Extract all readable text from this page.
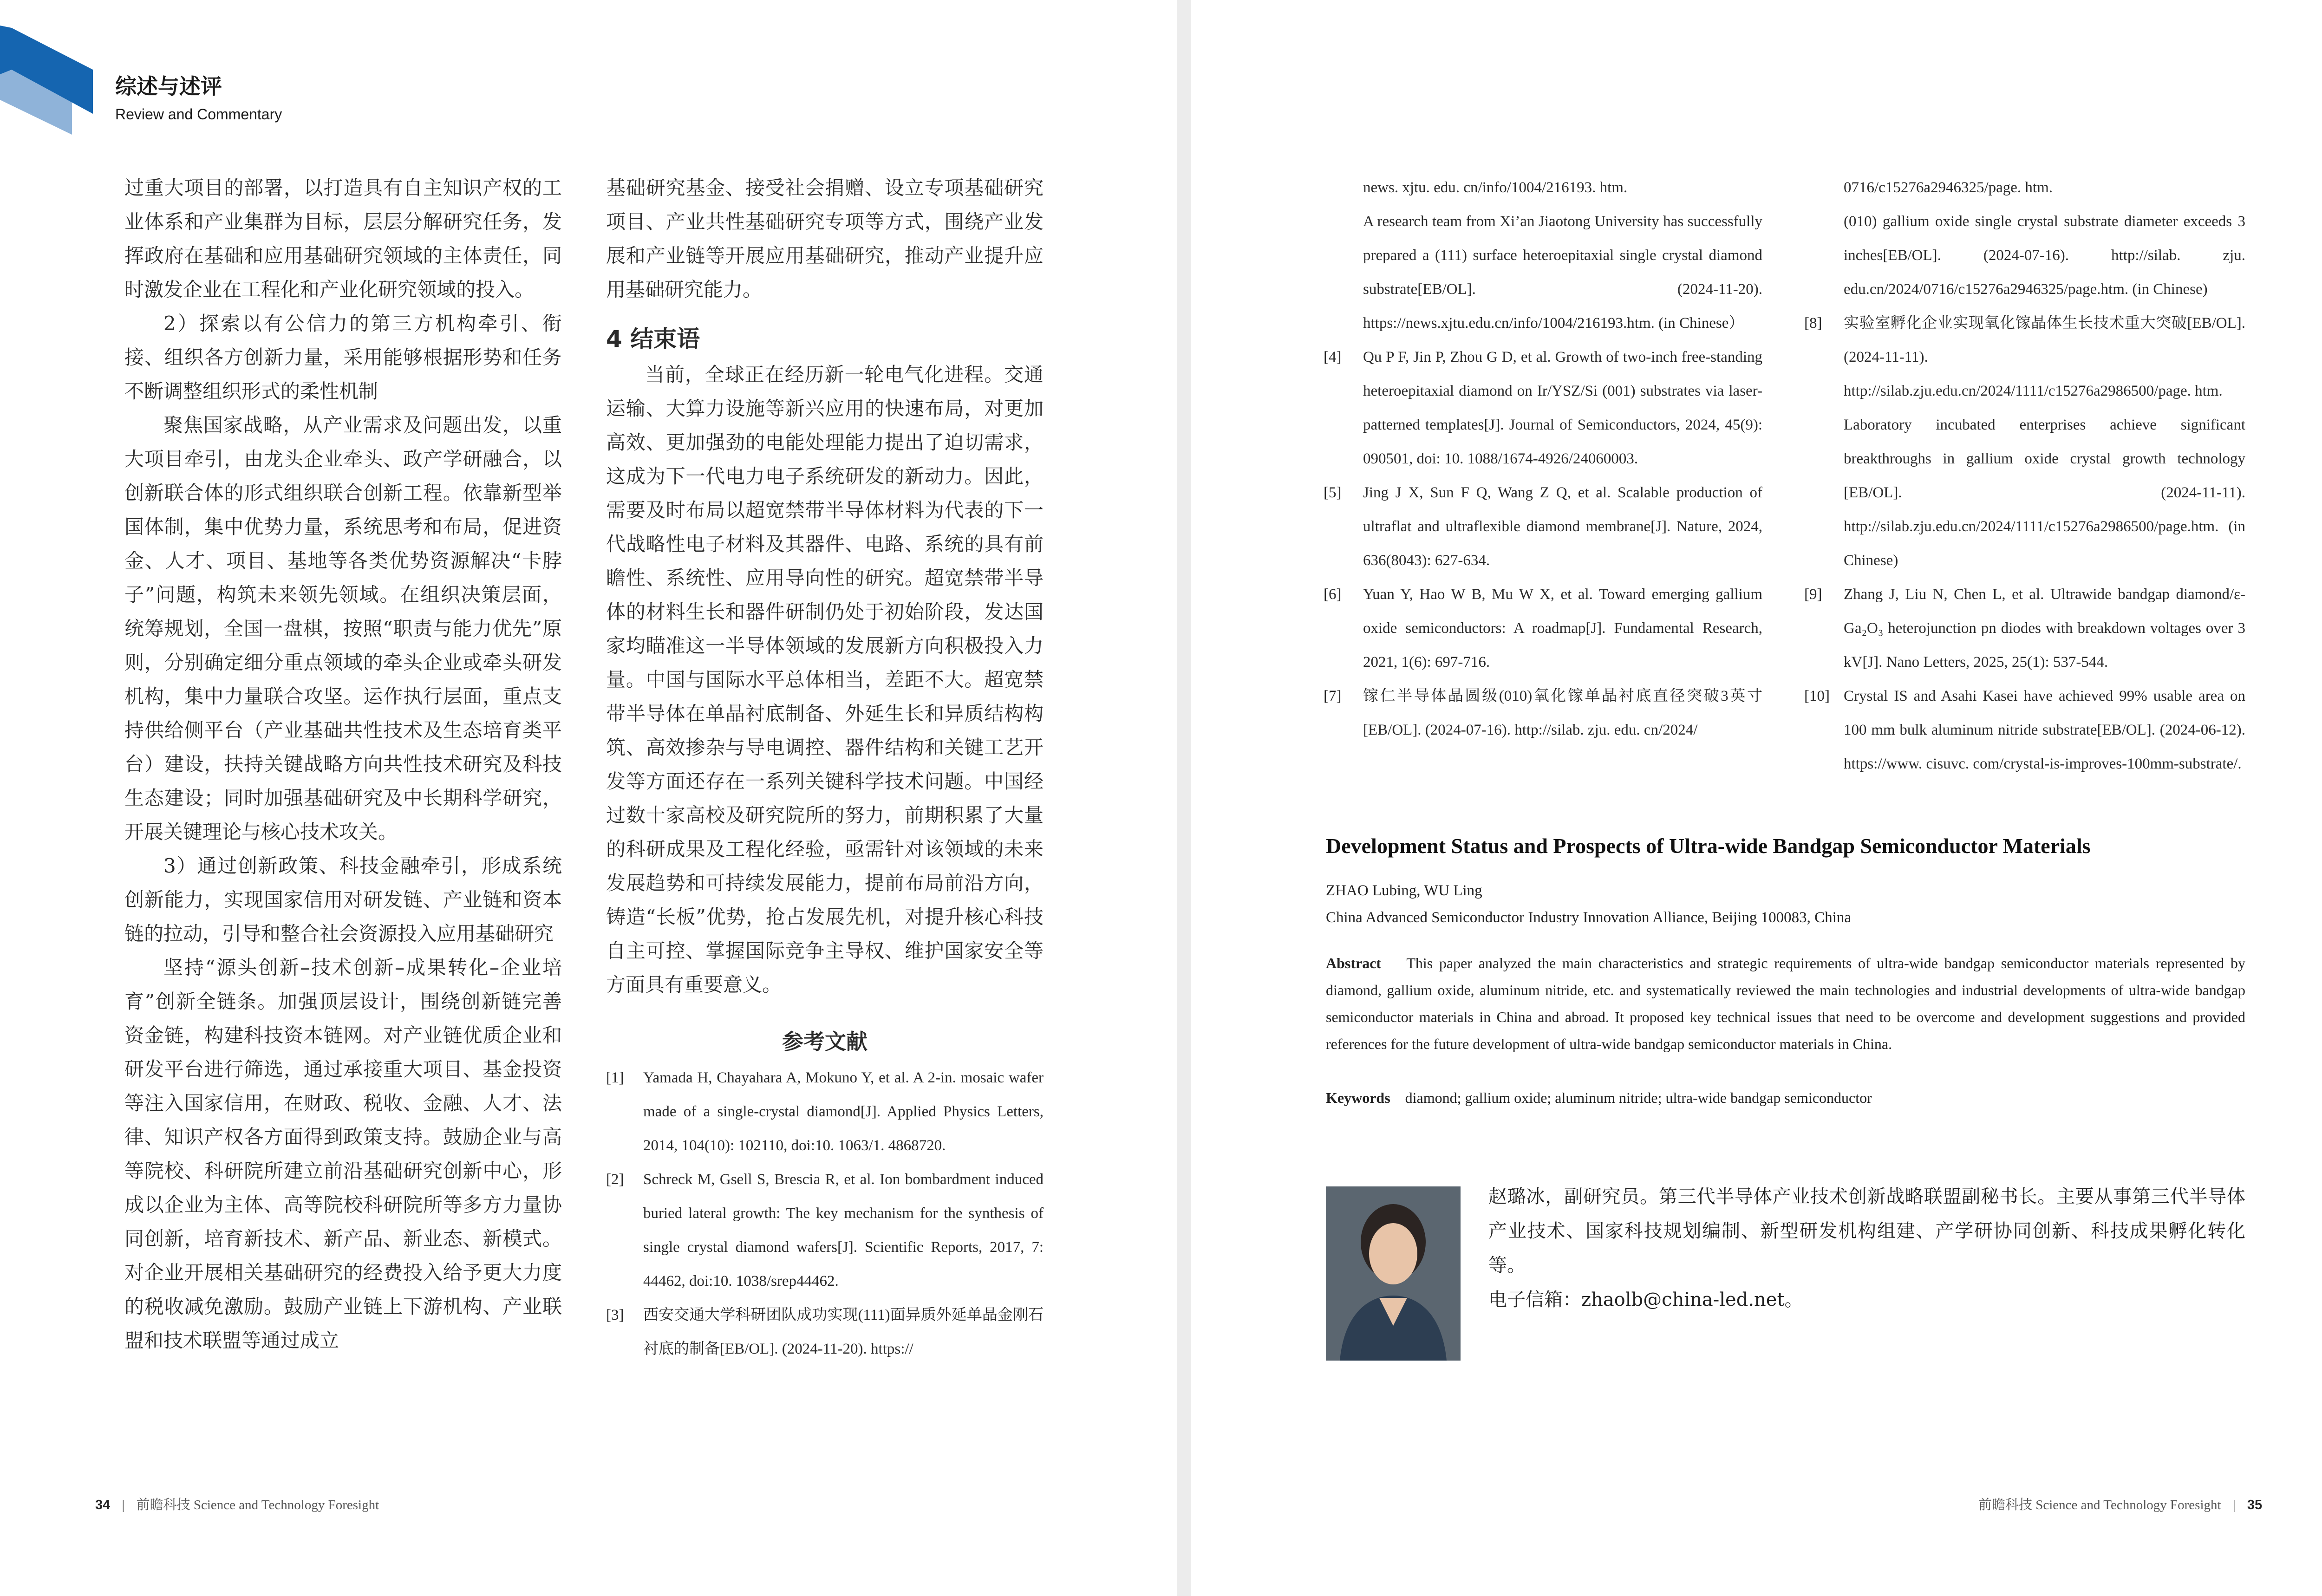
综述与述评
Review and Commentary

过重大项目的部署，以打造具有自主知识产权的工业体系和产业集群为目标，层层分解研究任务，发挥政府在基础和应用基础研究领域的主体责任，同时激发企业在工程化和产业化研究领域的投入。

2）探索以有公信力的第三方机构牵引、衔接、组织各方创新力量，采用能够根据形势和任务不断调整组织形式的柔性机制

聚焦国家战略，从产业需求及问题出发，以重大项目牵引，由龙头企业牵头、政产学研融合，以创新联合体的形式组织联合创新工程。依靠新型举国体制，集中优势力量，系统思考和布局，促进资金、人才、项目、基地等各类优势资源解决“卡脖子”问题，构筑未来领先领域。在组织决策层面，统筹规划，全国一盘棋，按照“职责与能力优先”原则，分别确定细分重点领域的牵头企业或牵头研发机构，集中力量联合攻坚。运作执行层面，重点支持供给侧平台（产业基础共性技术及生态培育类平台）建设，扶持关键战略方向共性技术研究及科技生态建设；同时加强基础研究及中长期科学研究，开展关键理论与核心技术攻关。

3）通过创新政策、科技金融牵引，形成系统创新能力，实现国家信用对研发链、产业链和资本链的拉动，引导和整合社会资源投入应用基础研究

坚持“源头创新–技术创新–成果转化–企业培育”创新全链条。加强顶层设计，围绕创新链完善资金链，构建科技资本链网。对产业链优质企业和研发平台进行筛选，通过承接重大项目、基金投资等注入国家信用，在财政、税收、金融、人才、法律、知识产权各方面得到政策支持。鼓励企业与高等院校、科研院所建立前沿基础研究创新中心，形成以企业为主体、高等院校科研院所等多方力量协同创新，培育新技术、新产品、新业态、新模式。对企业开展相关基础研究的经费投入给予更大力度的税收减免激励。鼓励产业链上下游机构、产业联盟和技术联盟等通过成立

基础研究基金、接受社会捐赠、设立专项基础研究项目、产业共性基础研究专项等方式，围绕产业发展和产业链等开展应用基础研究，推动产业提升应用基础研究能力。

4 结束语

当前，全球正在经历新一轮电气化进程。交通运输、大算力设施等新兴应用的快速布局，对更加高效、更加强劲的电能处理能力提出了迫切需求，这成为下一代电力电子系统研发的新动力。因此，需要及时布局以超宽禁带半导体材料为代表的下一代战略性电子材料及其器件、电路、系统的具有前瞻性、系统性、应用导向性的研究。超宽禁带半导体的材料生长和器件研制仍处于初始阶段，发达国家均瞄准这一半导体领域的发展新方向积极投入力量。中国与国际水平总体相当，差距不大。超宽禁带半导体在单晶衬底制备、外延生长和异质结构构筑、高效掺杂与导电调控、器件结构和关键工艺开发等方面还存在一系列关键科学技术问题。中国经过数十家高校及研究院所的努力，前期积累了大量的科研成果及工程化经验，亟需针对该领域的未来发展趋势和可持续发展能力，提前布局前沿方向，铸造“长板”优势，抢占发展先机，对提升核心科技自主可控、掌握国际竞争主导权、维护国家安全等方面具有重要意义。

参考文献

[1]	Yamada H, Chayahara A, Mokuno Y, et al. A 2-in. mosaic wafer made of a single-crystal diamond[J]. Applied Physics Letters, 2014, 104(10): 102110, doi:10. 1063/1. 4868720.
[2]	Schreck M, Gsell S, Brescia R, et al. Ion bombardment induced buried lateral growth: The key mechanism for the synthesis of single crystal diamond wafers[J]. Scientific Reports, 2017, 7: 44462, doi:10. 1038/srep44462.
[3]	西安交通大学科研团队成功实现(111)面异质外延单晶金刚石衬底的制备[EB/OL]. (2024-11-20). https://
34 | 前瞻科技 Science and Technology Foresight
news. xjtu. edu. cn/info/1004/216193. htm.
A research team from Xi’an Jiaotong University has successfully prepared a (111) surface heteroepitaxial single crystal diamond substrate[EB/OL]. (2024-11-20). https://news.xjtu.edu.cn/info/1004/216193.htm. (in Chinese）
[4]	Qu P F, Jin P, Zhou G D, et al. Growth of two-inch free-standing heteroepitaxial diamond on Ir/YSZ/Si (001) substrates via laser-patterned templates[J]. Journal of Semiconductors, 2024, 45(9): 090501, doi: 10. 1088/1674-4926/24060003.
[5]	Jing J X, Sun F Q, Wang Z Q, et al. Scalable production of ultraflat and ultraflexible diamond membrane[J]. Nature, 2024, 636(8043): 627-634.
[6]	Yuan Y, Hao W B, Mu W X, et al. Toward emerging gallium oxide semiconductors: A roadmap[J]. Fundamental Research, 2021, 1(6): 697-716.
[7]	镓仁半导体晶圆级(010)氧化镓单晶衬底直径突破3英寸 [EB/OL]. (2024-07-16). http://silab. zju. edu. cn/2024/
0716/c15276a2946325/page. htm.
(010) gallium oxide single crystal substrate diameter exceeds 3 inches[EB/OL]. (2024-07-16). http://silab. zju. edu.cn/2024/0716/c15276a2946325/page.htm. (in Chinese)
[8]	实验室孵化企业实现氧化镓晶体生长技术重大突破[EB/OL]. (2024-11-11). http://silab.zju.edu.cn/2024/1111/c15276a2986500/page. htm.
Laboratory incubated enterprises achieve significant breakthroughs in gallium oxide crystal growth technology [EB/OL]. (2024-11-11). http://silab.zju.edu.cn/2024/1111/c15276a2986500/page.htm. (in Chinese)
[9]	Zhang J, Liu N, Chen L, et al. Ultrawide bandgap diamond/ε-Ga₂O₃ heterojunction pn diodes with breakdown voltages over 3 kV[J]. Nano Letters, 2025, 25(1): 537-544.
[10] Crystal IS and Asahi Kasei have achieved 99% usable area on 100 mm bulk aluminum nitride substrate[EB/OL]. (2024-06-12). https://www. cisuvc. com/crystal-is-improves-100mm-substrate/.

Development Status and Prospects of Ultra-wide Bandgap Semiconductor Materials

ZHAO Lubing, WU Ling

China Advanced Semiconductor Industry Innovation Alliance, Beijing 100083, China

Abstract This paper analyzed the main characteristics and strategic requirements of ultra-wide bandgap semiconductor materials represented by diamond, gallium oxide, aluminum nitride, etc. and systematically reviewed the main technologies and industrial developments of ultra-wide bandgap semiconductor materials in China and abroad. It proposed key technical issues that need to be overcome and development suggestions and provided references for the future development of ultra-wide bandgap semiconductor materials in China.

Keywords diamond; gallium oxide; aluminum nitride; ultra-wide bandgap semiconductor

赵璐冰，副研究员。第三代半导体产业技术创新战略联盟副秘书长。主要从事第三代半导体产业技术、国家科技规划编制、新型研发机构组建、产学研协同创新、科技成果孵化转化等。

电子信箱：zhaolb@china-led.net。

前瞻科技 Science and Technology Foresight | 35
